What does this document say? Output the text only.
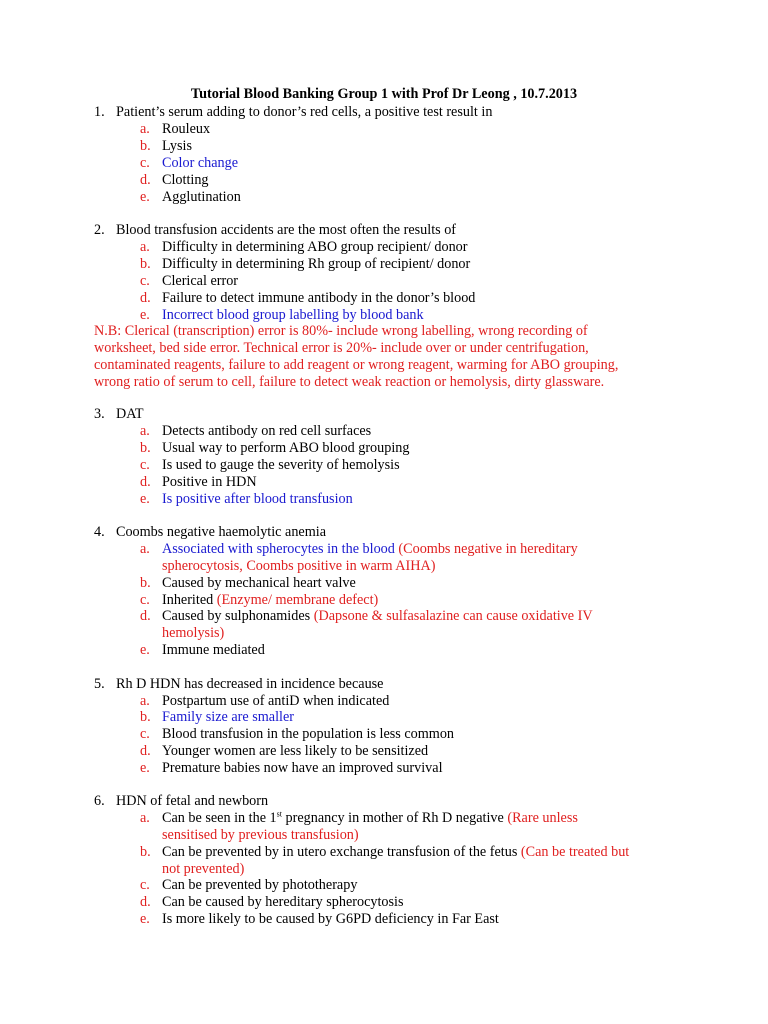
Tutorial Blood Banking Group 1 with Prof Dr Leong , 10.7.2013
1. Patient’s serum adding to donor’s red cells, a positive test result in
a. Rouleux
b. Lysis
c. Color change
d. Clotting
e. Agglutination
2. Blood transfusion accidents are the most often the results of
a. Difficulty in determining ABO group recipient/ donor
b. Difficulty in determining Rh group of recipient/ donor
c. Clerical error
d. Failure to detect immune antibody in the donor’s blood
e. Incorrect blood group labelling by blood bank
N.B: Clerical (transcription) error is 80%- include wrong labelling, wrong recording of
worksheet, bed side error. Technical error is 20%- include over or under centrifugation,
contaminated reagents, failure to add reagent or wrong reagent, warming for ABO grouping,
wrong ratio of serum to cell, failure to detect weak reaction or hemolysis, dirty glassware.
3. DAT
a. Detects antibody on red cell surfaces
b. Usual way to perform ABO blood grouping
c. Is used to gauge the severity of hemolysis
d. Positive in HDN
e. Is positive after blood transfusion
4. Coombs negative haemolytic anemia
a. Associated with spherocytes in the blood (Coombs negative in hereditary
spherocytosis, Coombs positive in warm AIHA)
b. Caused by mechanical heart valve
c. Inherited (Enzyme/ membrane defect)
d. Caused by sulphonamides (Dapsone & sulfasalazine can cause oxidative IV
hemolysis)
e. Immune mediated
5. Rh D HDN has decreased in incidence because
a. Postpartum use of antiD when indicated
b. Family size are smaller
c. Blood transfusion in the population is less common
d. Younger women are less likely to be sensitized
e. Premature babies now have an improved survival
6. HDN of fetal and newborn
a. Can be seen in the 1st pregnancy in mother of Rh D negative (Rare unless
sensitised by previous transfusion)
b. Can be prevented by in utero exchange transfusion of the fetus (Can be treated but
not prevented)
c. Can be prevented by phototherapy
d. Can be caused by hereditary spherocytosis
e. Is more likely to be caused by G6PD deficiency in Far East
